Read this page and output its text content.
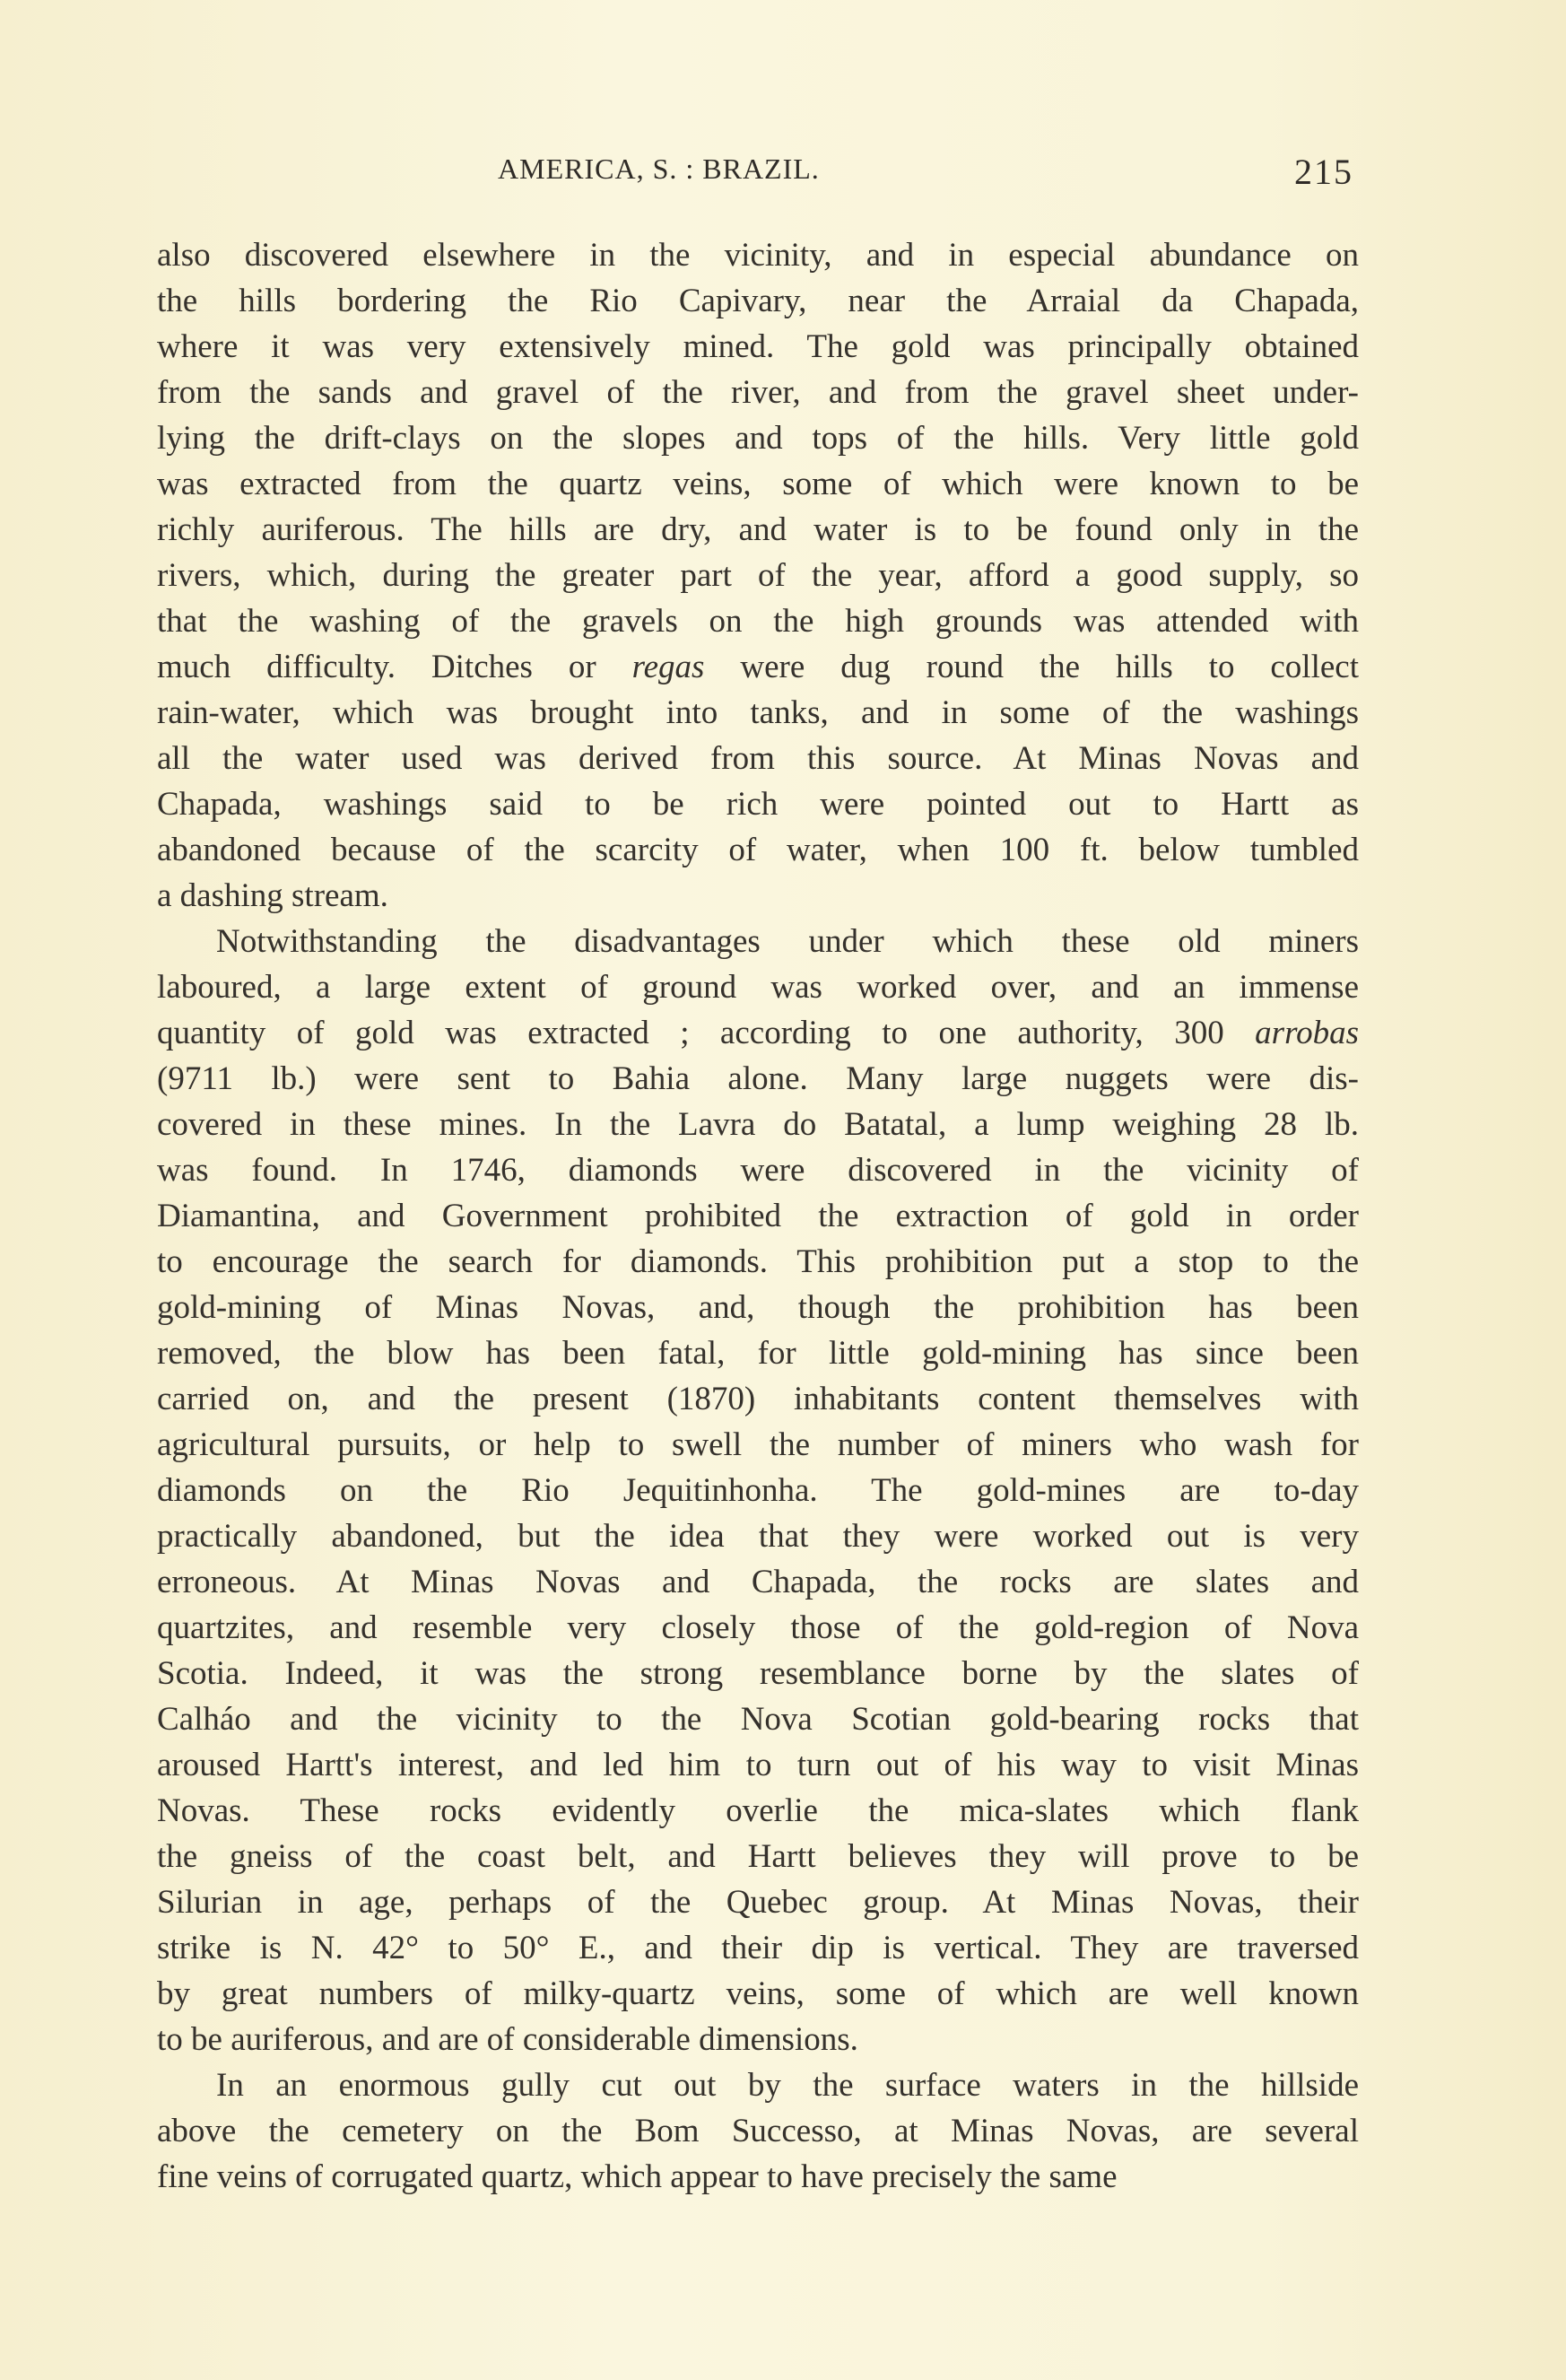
AMERICA, S. : BRAZIL.	215
also discovered elsewhere in the vicinity, and in especial abundance on
the hills bordering the Rio Capivary, near the Arraial da Chapada,
where it was very extensively mined. The gold was principally obtained
from the sands and gravel of the river, and from the gravel sheet under-
lying the drift-clays on the slopes and tops of the hills. Very little gold
was extracted from the quartz veins, some of which were known to be
richly auriferous. The hills are dry, and water is to be found only in the
rivers, which, during the greater part of the year, afford a good supply, so
that the washing of the gravels on the high grounds was attended with
much difficulty. Ditches or regas were dug round the hills to collect
rain-water, which was brought into tanks, and in some of the washings
all the water used was derived from this source. At Minas Novas and
Chapada, washings said to be rich were pointed out to Hartt as
abandoned because of the scarcity of water, when 100 ft. below tumbled
a dashing stream.
Notwithstanding the disadvantages under which these old miners
laboured, a large extent of ground was worked over, and an immense
quantity of gold was extracted ; according to one authority, 300 arrobas
(9711 lb.) were sent to Bahia alone. Many large nuggets were dis-
covered in these mines. In the Lavra do Batatal, a lump weighing 28 lb.
was found. In 1746, diamonds were discovered in the vicinity of
Diamantina, and Government prohibited the extraction of gold in order
to encourage the search for diamonds. This prohibition put a stop to the
gold-mining of Minas Novas, and, though the prohibition has been
removed, the blow has been fatal, for little gold-mining has since been
carried on, and the present (1870) inhabitants content themselves with
agricultural pursuits, or help to swell the number of miners who wash for
diamonds on the Rio Jequitinhonha. The gold-mines are to-day
practically abandoned, but the idea that they were worked out is very
erroneous. At Minas Novas and Chapada, the rocks are slates and
quartzites, and resemble very closely those of the gold-region of Nova
Scotia. Indeed, it was the strong resemblance borne by the slates of
Calháo and the vicinity to the Nova Scotian gold-bearing rocks that
aroused Hartt's interest, and led him to turn out of his way to visit Minas
Novas. These rocks evidently overlie the mica-slates which flank
the gneiss of the coast belt, and Hartt believes they will prove to be
Silurian in age, perhaps of the Quebec group. At Minas Novas, their
strike is N. 42° to 50° E., and their dip is vertical. They are traversed
by great numbers of milky-quartz veins, some of which are well known
to be auriferous, and are of considerable dimensions.
In an enormous gully cut out by the surface waters in the hillside
above the cemetery on the Bom Successo, at Minas Novas, are several
fine veins of corrugated quartz, which appear to have precisely the same
